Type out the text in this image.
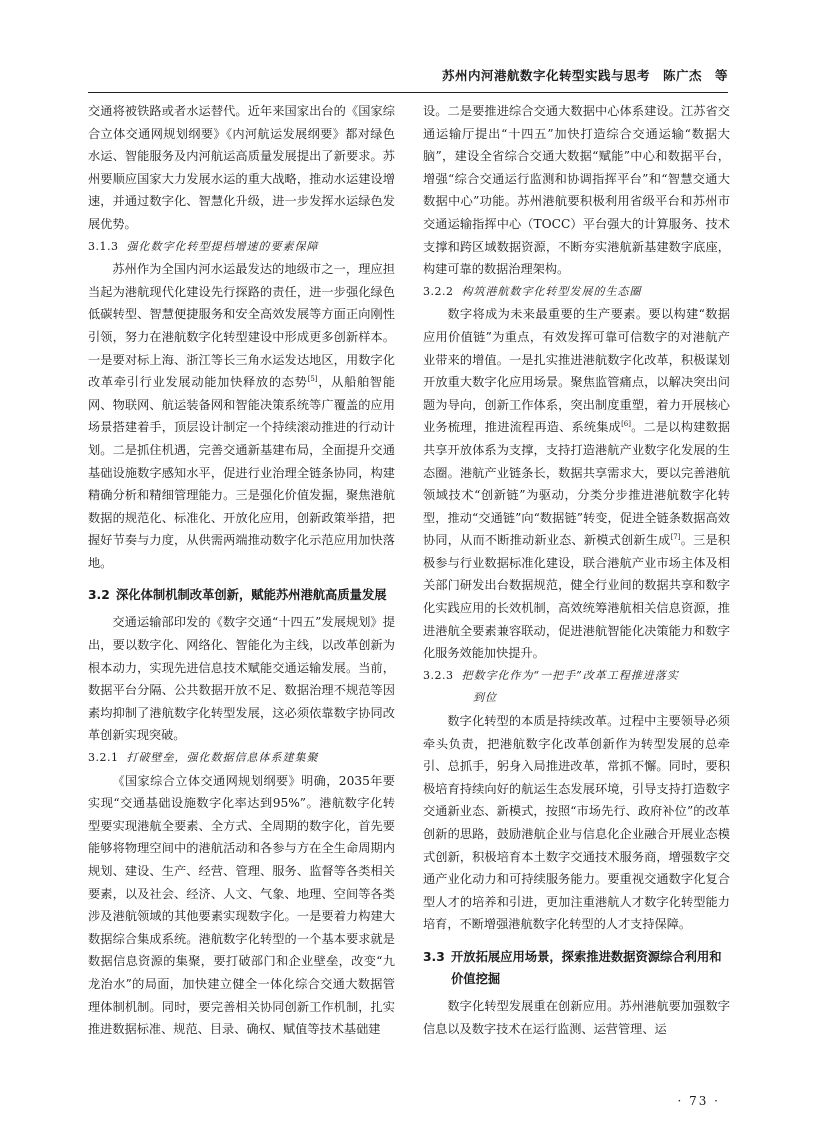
苏州内河港航数字化转型实践与思考　陈广杰　等

交通将被铁路或者水运替代。近年来国家出台的《国家综合立体交通网规划纲要》《内河航运发展纲要》都对绿色水运、智能服务及内河航运高质量发展提出了新要求。苏州要顺应国家大力发展水运的重大战略，推动水运建设增速，并通过数字化、智慧化升级，进一步发挥水运绿色发展优势。

3.1.3 强化数字化转型提档增速的要素保障

苏州作为全国内河水运最发达的地级市之一，理应担当起为港航现代化建设先行探路的责任，进一步强化绿色低碳转型、智慧便捷服务和安全高效发展等方面正向刚性引领，努力在港航数字化转型建设中形成更多创新样本。一是要对标上海、浙江等长三角水运发达地区，用数字化改革牵引行业发展动能加快释放的态势[5]，从船舶智能网、物联网、航运装备网和智能决策系统等广覆盖的应用场景搭建着手，顶层设计制定一个持续滚动推进的行动计划。二是抓住机遇，完善交通新基建布局，全面提升交通基础设施数字感知水平，促进行业治理全链条协同，构建精确分析和精细管理能力。三是强化价值发掘，聚焦港航数据的规范化、标准化、开放化应用，创新政策举措，把握好节奏与力度，从供需两端推动数字化示范应用加快落地。

3.2 深化体制机制改革创新，赋能苏州港航高质量发展

交通运输部印发的《数字交通“十四五”发展规划》提出，要以数字化、网络化、智能化为主线，以改革创新为根本动力，实现先进信息技术赋能交通运输发展。当前，数据平台分隔、公共数据开放不足、数据治理不规范等因素均抑制了港航数字化转型发展，这必须依靠数字协同改革创新实现突破。

3.2.1 打破壁垒，强化数据信息体系建集聚

《国家综合立体交通网规划纲要》明确，2035年要实现“交通基础设施数字化率达到95%”。港航数字化转型要实现港航全要素、全方式、全周期的数字化，首先要能够将物理空间中的港航活动和各参与方在全生命周期内规划、建设、生产、经营、管理、服务、监督等各类相关要素，以及社会、经济、人文、气象、地理、空间等各类涉及港航领域的其他要素实现数字化。一是要着力构建大数据综合集成系统。港航数字化转型的一个基本要求就是数据信息资源的集聚，要打破部门和企业壁垒，改变“九龙治水”的局面，加快建立健全一体化综合交通大数据管理体制机制。同时，要完善相关协同创新工作机制，扎实推进数据标准、规范、目录、确权、赋值等技术基础建

设。二是要推进综合交通大数据中心体系建设。江苏省交通运输厅提出“十四五”加快打造综合交通运输“数据大脑”，建设全省综合交通大数据“赋能”中心和数据平台，增强“综合交通运行监测和协调指挥平台”和“智慧交通大数据中心”功能。苏州港航要积极利用省级平台和苏州市交通运输指挥中心（TOCC）平台强大的计算服务、技术支撑和跨区域数据资源，不断夯实港航新基建数字底座，构建可靠的数据治理架构。

3.2.2 构筑港航数字化转型发展的生态圈

数字将成为未来最重要的生产要素。要以构建“数据应用价值链”为重点，有效发挥可靠可信数字的对港航产业带来的增值。一是扎实推进港航数字化改革，积极谋划开放重大数字化应用场景。聚焦监管痛点，以解决突出问题为导向，创新工作体系，突出制度重塑，着力开展核心业务梳理，推进流程再造、系统集成[6]。二是以构建数据共享开放体系为支撑，支持打造港航产业数字化发展的生态圈。港航产业链条长，数据共享需求大，要以完善港航领域技术“创新链”为驱动，分类分步推进港航数字化转型，推动“交通链”向“数据链”转变，促进全链条数据高效协同，从而不断推动新业态、新模式创新生成[7]。三是积极参与行业数据标准化建设，联合港航产业市场主体及相关部门研发出台数据规范，健全行业间的数据共享和数字化实践应用的长效机制，高效统筹港航相关信息资源，推进港航全要素兼容联动，促进港航智能化决策能力和数字化服务效能加快提升。

3.2.3 把数字化作为“一把手”改革工程推进落实
到位

数字化转型的本质是持续改革。过程中主要领导必须牵头负责，把港航数字化改革创新作为转型发展的总牵引、总抓手，躬身入局推进改革，常抓不懈。同时，要积极培育持续向好的航运生态发展环境，引导支持打造数字交通新业态、新模式，按照“市场先行、政府补位”的改革创新的思路，鼓励港航企业与信息化企业融合开展业态模式创新，积极培育本土数字交通技术服务商，增强数字交通产业化动力和可持续服务能力。要重视交通数字化复合型人才的培养和引进，更加注重港航人才数字化转型能力培育，不断增强港航数字化转型的人才支持保障。

3.3 开放拓展应用场景，探索推进数据资源综合利用和价值挖掘

数字化转型发展重在创新应用。苏州港航要加强数字信息以及数字技术在运行监测、运营管理、运

· 73 ·
